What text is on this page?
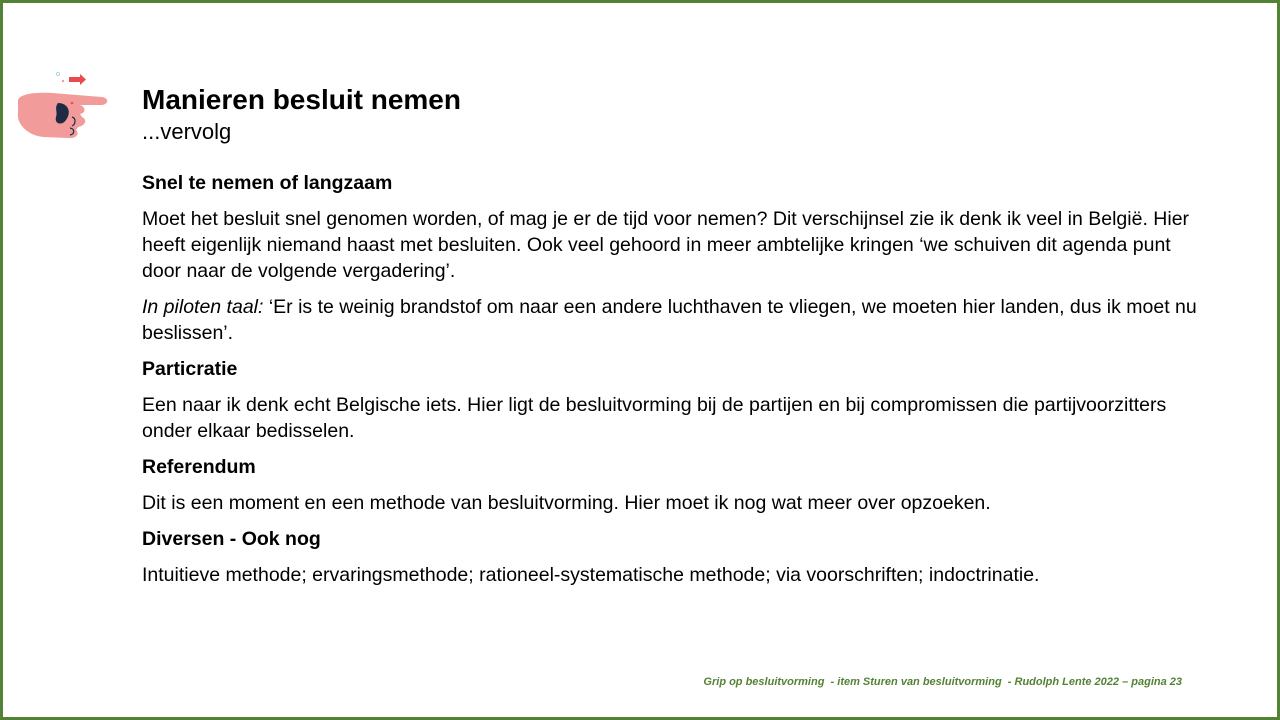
Manieren besluit nemen
...vervolg
Snel te nemen of langzaam

Moet het besluit snel genomen worden, of mag je er de tijd voor nemen? Dit verschijnsel zie ik denk ik veel in België. Hier heeft eigenlijk niemand haast met besluiten. Ook veel gehoord in meer ambtelijke kringen ‘we schuiven dit agenda punt door naar de volgende vergadering’.

In piloten taal: ‘Er is te weinig brandstof om naar een andere luchthaven te vliegen, we moeten hier landen, dus ik moet nu beslissen’.

Particratie

Een naar ik denk echt Belgische iets. Hier ligt de besluitvorming bij de partijen en bij compromissen die partijvoorzitters onder elkaar bedisselen.

Referendum

Dit is een moment en een methode van besluitvorming. Hier moet ik nog wat meer over opzoeken.

Diversen - Ook nog

Intuitieve methode; ervaringsmethode; rationeel-systematische methode; via voorschriften; indoctrinatie.

Grip op besluitvorming  - item Sturen van besluitvorming  - Rudolph Lente 2022 – pagina 23
